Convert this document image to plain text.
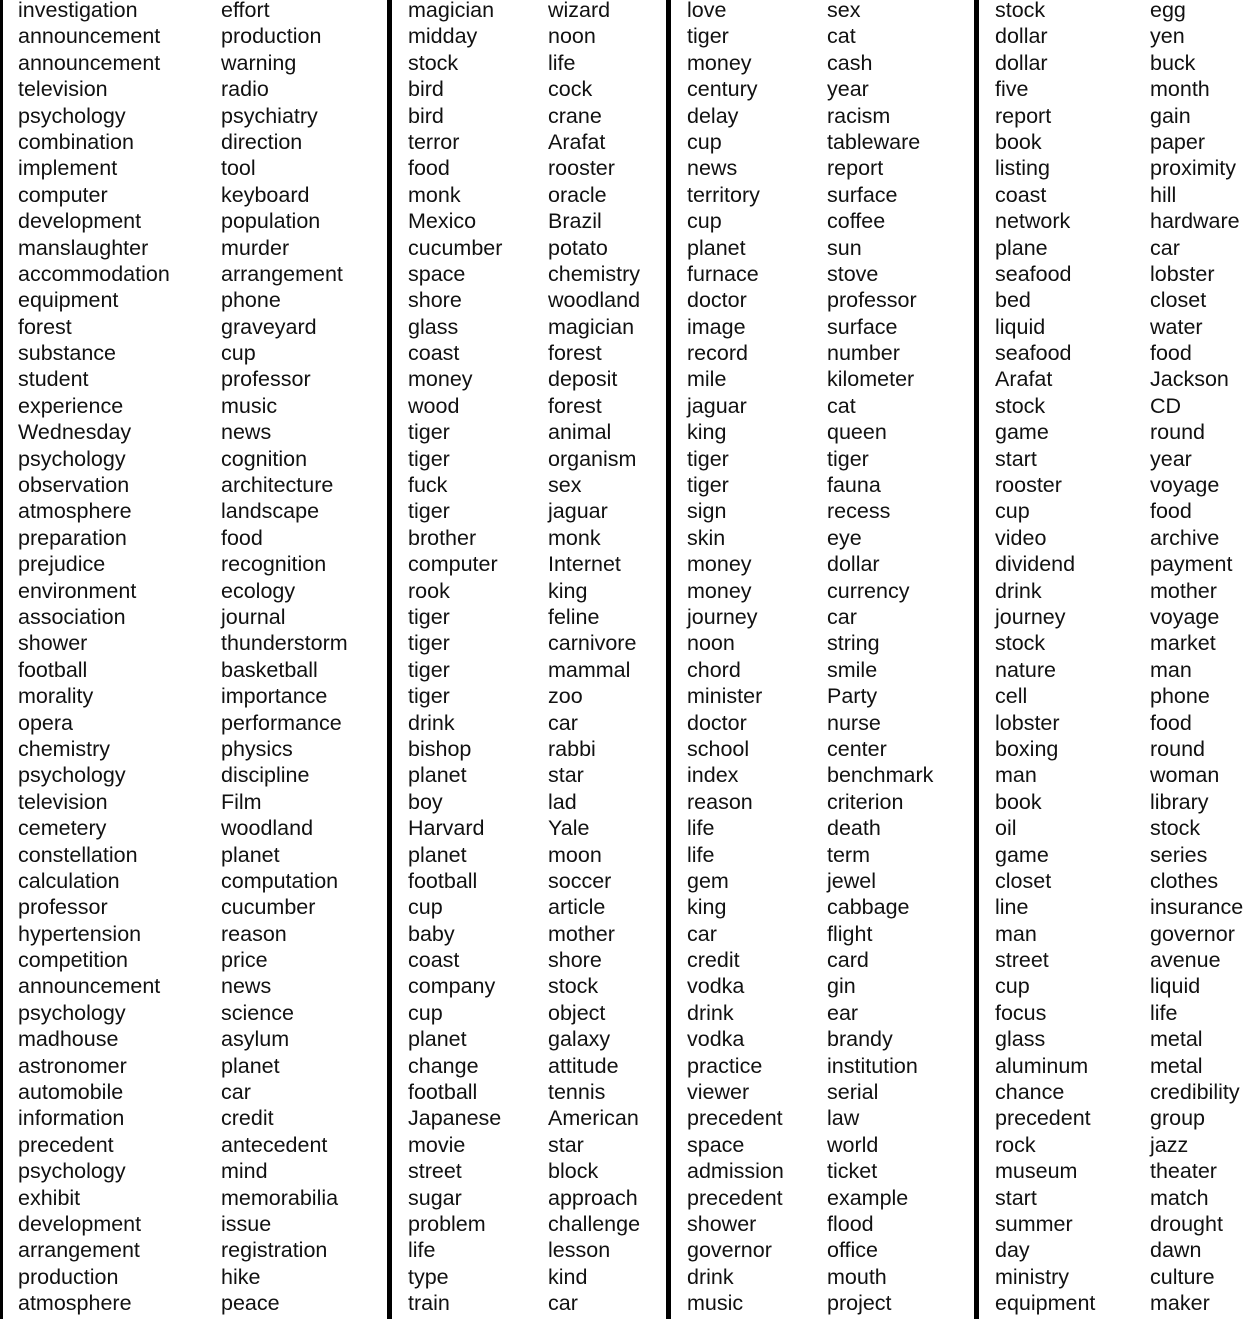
investigation
announcement
announcement
television
psychology
combination
implement
computer
development
manslaughter
accommodation
equipment
forest
substance
student
experience
Wednesday
psychology
observation
atmosphere
preparation
prejudice
environment
association
shower
football
morality
opera
chemistry
psychology
television
cemetery
constellation
calculation
professor
hypertension
competition
announcement
psychology
madhouse
astronomer
automobile
information
precedent
psychology
exhibit
development
arrangement
production
atmosphere
effort
production
warning
radio
psychiatry
direction
tool
keyboard
population
murder
arrangement
phone
graveyard
cup
professor
music
news
cognition
architecture
landscape
food
recognition
ecology
journal
thunderstorm
basketball
importance
performance
physics
discipline
Film
woodland
planet
computation
cucumber
reason
price
news
science
asylum
planet
car
credit
antecedent
mind
memorabilia
issue
registration
hike
peace
magician
midday
stock
bird
bird
terror
food
monk
Mexico
cucumber
space
shore
glass
coast
money
wood
tiger
tiger
fuck
tiger
brother
computer
rook
tiger
tiger
tiger
tiger
drink
bishop
planet
boy
Harvard
planet
football
cup
baby
coast
company
cup
planet
change
football
Japanese
movie
street
sugar
problem
life
type
train
wizard
noon
life
cock
crane
Arafat
rooster
oracle
Brazil
potato
chemistry
woodland
magician
forest
deposit
forest
animal
organism
sex
jaguar
monk
Internet
king
feline
carnivore
mammal
zoo
car
rabbi
star
lad
Yale
moon
soccer
article
mother
shore
stock
object
galaxy
attitude
tennis
American
star
block
approach
challenge
lesson
kind
car
love
tiger
money
century
delay
cup
news
territory
cup
planet
furnace
doctor
image
record
mile
jaguar
king
tiger
tiger
sign
skin
money
money
journey
noon
chord
minister
doctor
school
index
reason
life
life
gem
king
car
credit
vodka
drink
vodka
practice
viewer
precedent
space
admission
precedent
shower
governor
drink
music
sex
cat
cash
year
racism
tableware
report
surface
coffee
sun
stove
professor
surface
number
kilometer
cat
queen
tiger
fauna
recess
eye
dollar
currency
car
string
smile
Party
nurse
center
benchmark
criterion
death
term
jewel
cabbage
flight
card
gin
ear
brandy
institution
serial
law
world
ticket
example
flood
office
mouth
project
stock
dollar
dollar
five
report
book
listing
coast
network
plane
seafood
bed
liquid
seafood
Arafat
stock
game
start
rooster
cup
video
dividend
drink
journey
stock
nature
cell
lobster
boxing
man
book
oil
game
closet
line
man
street
cup
focus
glass
aluminum
chance
precedent
rock
museum
start
summer
day
ministry
equipment
egg
yen
buck
month
gain
paper
proximity
hill
hardware
car
lobster
closet
water
food
Jackson
CD
round
year
voyage
food
archive
payment
mother
voyage
market
man
phone
food
round
woman
library
stock
series
clothes
insurance
governor
avenue
liquid
life
metal
metal
credibility
group
jazz
theater
match
drought
dawn
culture
maker
